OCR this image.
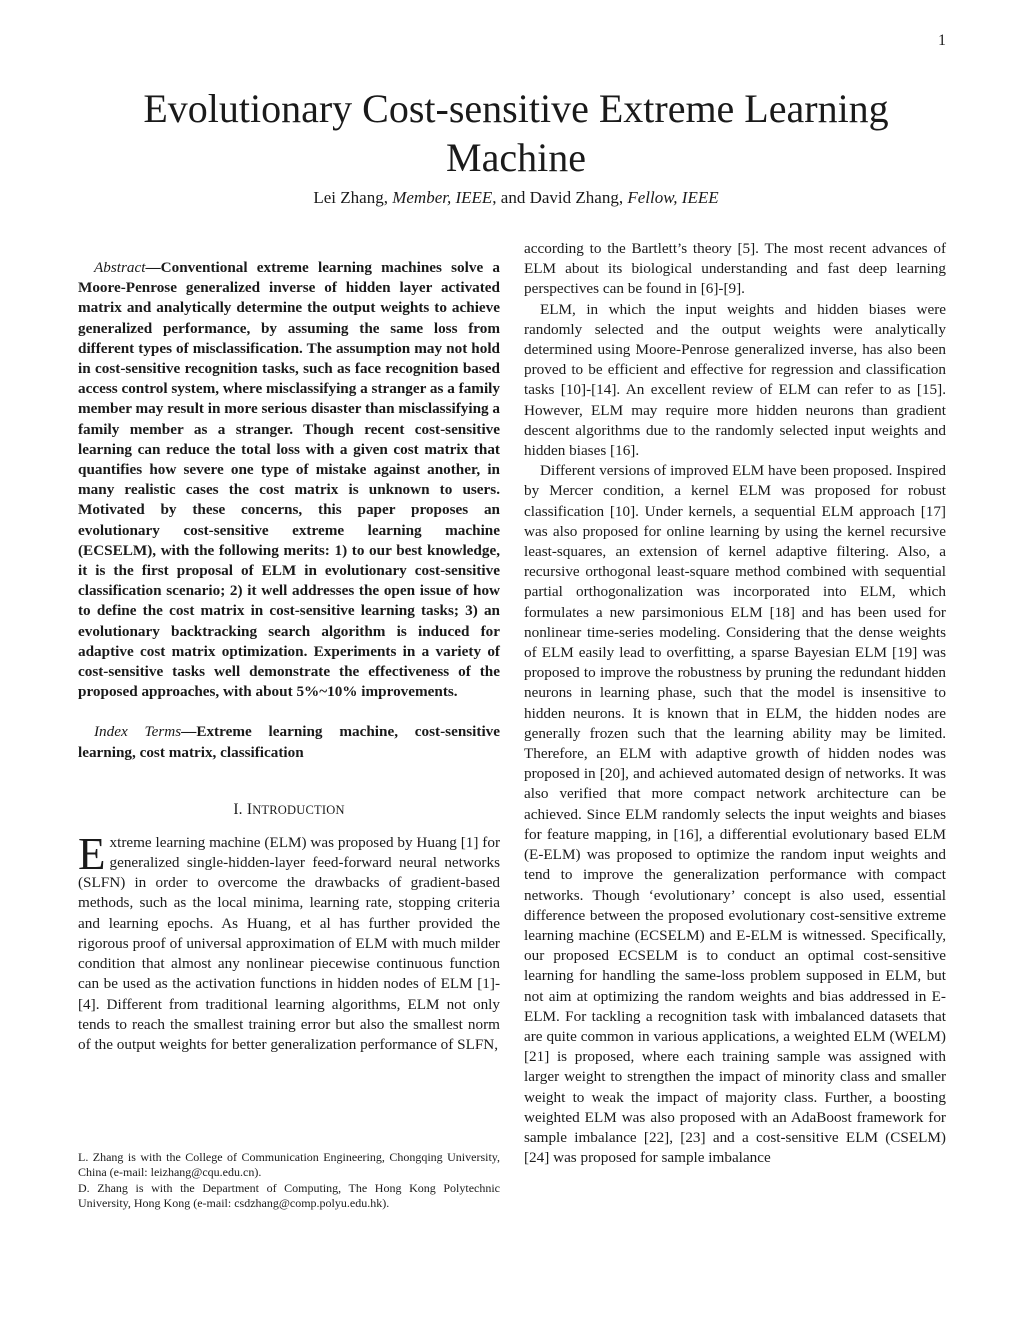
1
Evolutionary Cost-sensitive Extreme Learning Machine
Lei Zhang, Member, IEEE, and David Zhang, Fellow, IEEE

Abstract—Conventional extreme learning machines solve a Moore-Penrose generalized inverse of hidden layer activated matrix and analytically determine the output weights to achieve generalized performance, by assuming the same loss from different types of misclassification. The assumption may not hold in cost-sensitive recognition tasks, such as face recognition based access control system, where misclassifying a stranger as a family member may result in more serious disaster than misclassifying a family member as a stranger. Though recent cost-sensitive learning can reduce the total loss with a given cost matrix that quantifies how severe one type of mistake against another, in many realistic cases the cost matrix is unknown to users. Motivated by these concerns, this paper proposes an evolutionary cost-sensitive extreme learning machine (ECSELM), with the following merits: 1) to our best knowledge, it is the first proposal of ELM in evolutionary cost-sensitive classification scenario; 2) it well addresses the open issue of how to define the cost matrix in cost-sensitive learning tasks; 3) an evolutionary backtracking search algorithm is induced for adaptive cost matrix optimization. Experiments in a variety of cost-sensitive tasks well demonstrate the effectiveness of the proposed approaches, with about 5%~10% improvements.

Index Terms—Extreme learning machine, cost-sensitive learning, cost matrix, classification

I. INTRODUCTION

Extreme learning machine (ELM) was proposed by Huang [1] for generalized single-hidden-layer feed-forward neural networks (SLFN) in order to overcome the drawbacks of gradient-based methods, such as the local minima, learning rate, stopping criteria and learning epochs. As Huang, et al has further provided the rigorous proof of universal approximation of ELM with much milder condition that almost any nonlinear piecewise continuous function can be used as the activation functions in hidden nodes of ELM [1]-[4]. Different from traditional learning algorithms, ELM not only tends to reach the smallest training error but also the smallest norm of the output weights for better generalization performance of SLFN,

L. Zhang is with the College of Communication Engineering, Chongqing University, China (e-mail: leizhang@cqu.edu.cn).

D. Zhang is with the Department of Computing, The Hong Kong Polytechnic University, Hong Kong (e-mail: csdzhang@comp.polyu.edu.hk).

according to the Bartlett’s theory [5]. The most recent advances of ELM about its biological understanding and fast deep learning perspectives can be found in [6]-[9].

ELM, in which the input weights and hidden biases were randomly selected and the output weights were analytically determined using Moore-Penrose generalized inverse, has also been proved to be efficient and effective for regression and classification tasks [10]-[14]. An excellent review of ELM can refer to as [15]. However, ELM may require more hidden neurons than gradient descent algorithms due to the randomly selected input weights and hidden biases [16].

Different versions of improved ELM have been proposed. Inspired by Mercer condition, a kernel ELM was proposed for robust classification [10]. Under kernels, a sequential ELM approach [17] was also proposed for online learning by using the kernel recursive least-squares, an extension of kernel adaptive filtering. Also, a recursive orthogonal least-square method combined with sequential partial orthogonalization was incorporated into ELM, which formulates a new parsimonious ELM [18] and has been used for nonlinear time-series modeling. Considering that the dense weights of ELM easily lead to overfitting, a sparse Bayesian ELM [19] was proposed to improve the robustness by pruning the redundant hidden neurons in learning phase, such that the model is insensitive to hidden neurons. It is known that in ELM, the hidden nodes are generally frozen such that the learning ability may be limited. Therefore, an ELM with adaptive growth of hidden nodes was proposed in [20], and achieved automated design of networks. It was also verified that more compact network architecture can be achieved. Since ELM randomly selects the input weights and biases for feature mapping, in [16], a differential evolutionary based ELM (E-ELM) was proposed to optimize the random input weights and tend to improve the generalization performance with compact networks. Though ‘evolutionary’ concept is also used, essential difference between the proposed evolutionary cost-sensitive extreme learning machine (ECSELM) and E-ELM is witnessed. Specifically, our proposed ECSELM is to conduct an optimal cost-sensitive learning for handling the same-loss problem supposed in ELM, but not aim at optimizing the random weights and bias addressed in E-ELM. For tackling a recognition task with imbalanced datasets that are quite common in various applications, a weighted ELM (WELM) [21] is proposed, where each training sample was assigned with larger weight to strengthen the impact of minority class and smaller weight to weak the impact of majority class. Further, a boosting weighted ELM was also proposed with an AdaBoost framework for sample imbalance [22], [23] and a cost-sensitive ELM (CSELM) [24] was proposed for sample imbalance
